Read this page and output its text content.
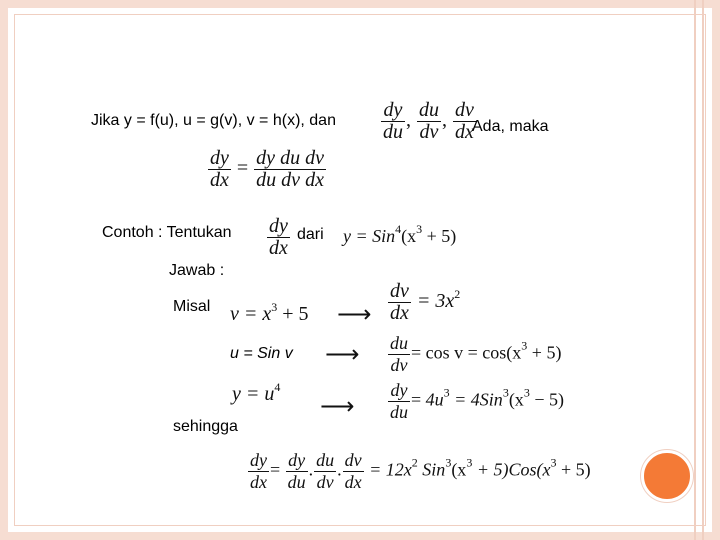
Jika y = f(u), u = g(v), v = h(x), dan $\frac{dy}{du}$ , $\frac{du}{dv}$ , $\frac{dv}{dx}$
Ada, maka
$\frac{dy}{dx} = \frac{\text{dy du dv}}{\text{du dv dx}}$
Contoh : Tentukan $\frac{dy}{dx}$ dari $y = Sin^4(x^3 + 5)$
Jawab :
Misal $v = x^3 + 5$ ⟶ $\frac{dv}{dx} = 3x^2$
u = Sin v ⟶ $\frac{du}{dv} = \cos v = \cos(x^3 + 5)$
$y = u^4$
⟶ $\frac{dy}{du} = 4u^3 = 4Sin^3(x^3 - 5)$
sehingga
$\frac{dy}{dx} = \frac{dy}{du}$ . $\frac{du}{dv}$ . $\frac{dv}{dx} = 12x^2$ $Sin^3(x^3 + 5)Cos(x^3 + 5)$
